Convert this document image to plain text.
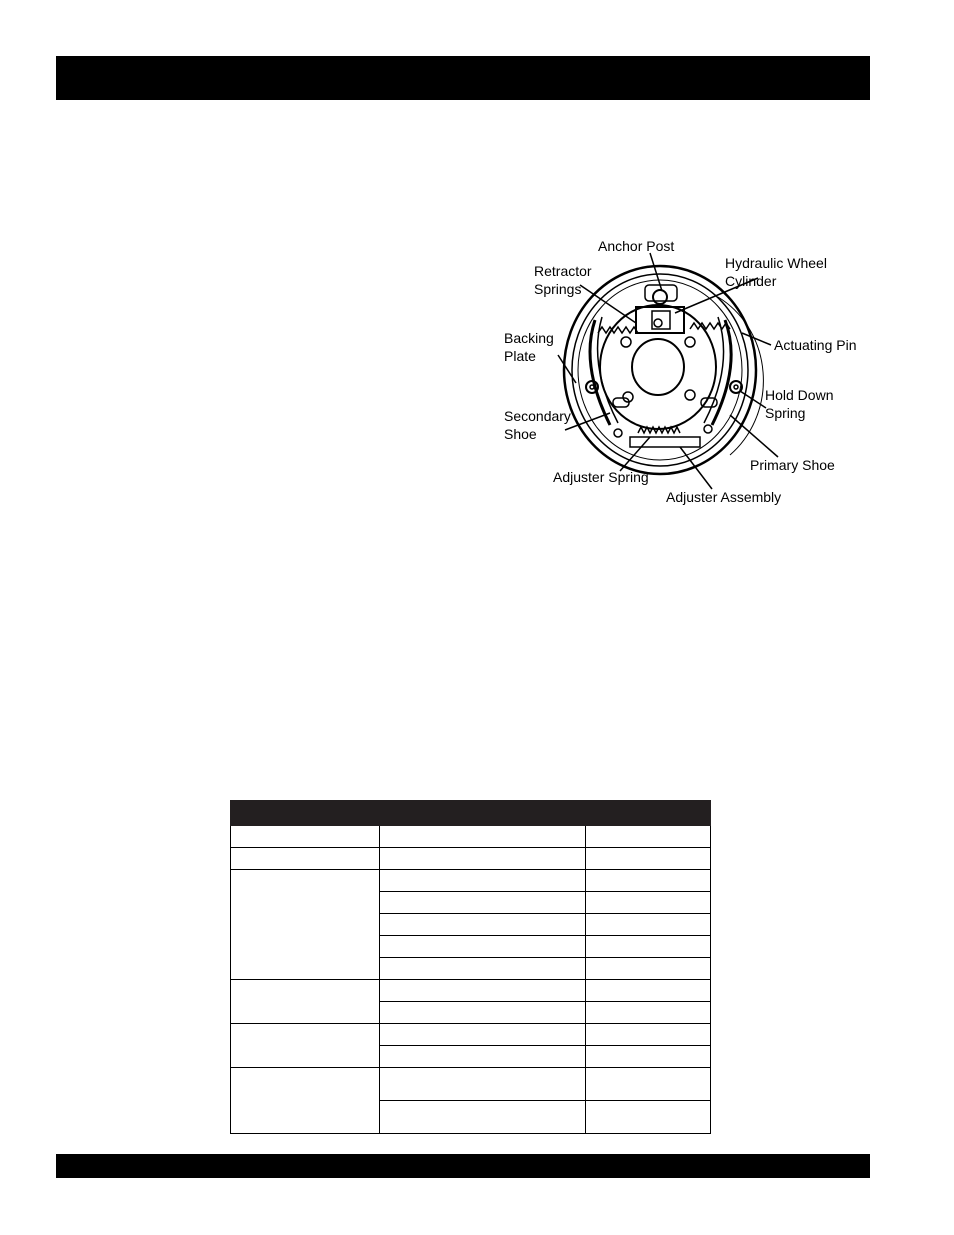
Anchor Post
Hydraulic Wheel
Cylinder
Retractor
Springs
Backing
Plate
Actuating Pin
Hold Down
Spring
Secondary
Shoe
Primary Shoe
Adjuster Spring
Adjuster Assembly
